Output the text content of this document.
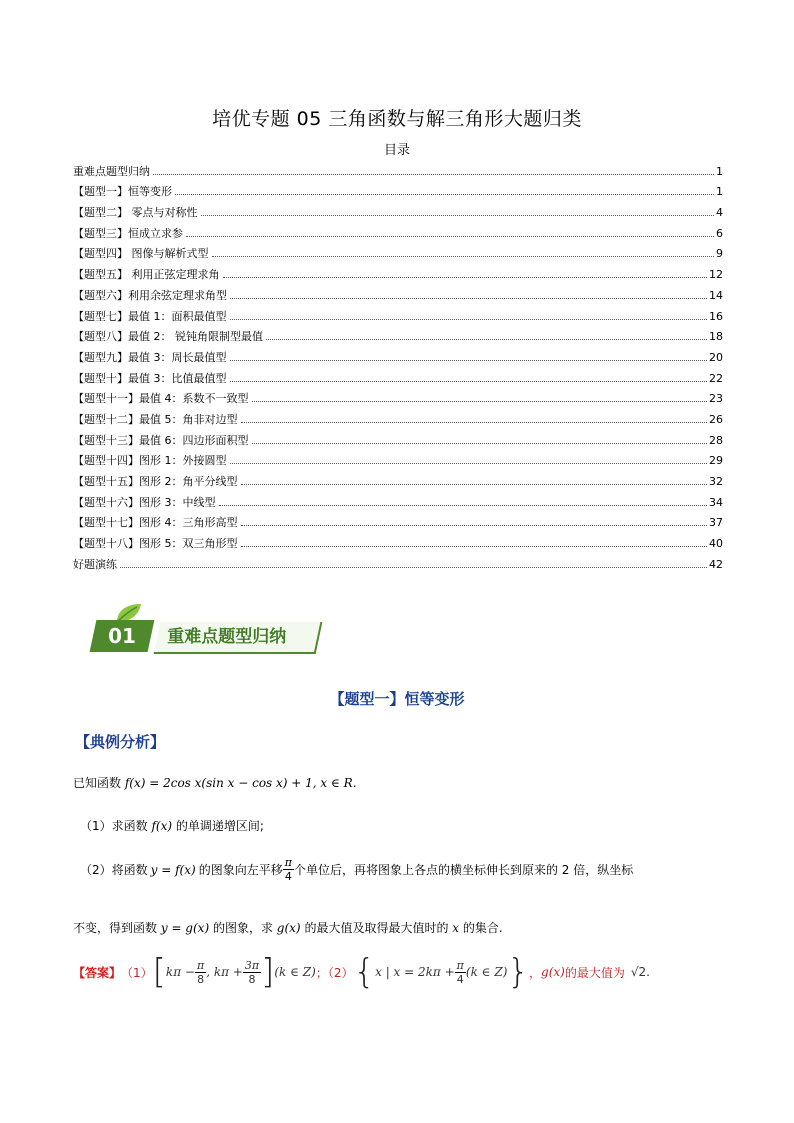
培优专题 05 三角函数与解三角形大题归类
目录
重难点题型归纳	1
【题型一】恒等变形	1
【题型二】 零点与对称性	4
【题型三】恒成立求参	6
【题型四】 图像与解析式型	9
【题型五】 利用正弦定理求角	12
【题型六】利用余弦定理求角型	14
【题型七】最值 1：面积最值型	16
【题型八】最值 2： 锐钝角限制型最值	18
【题型九】最值 3：周长最值型	20
【题型十】最值 3：比值最值型	22
【题型十一】最值 4：系数不一致型	23
【题型十二】最值 5：角非对边型	26
【题型十三】最值 6：四边形面积型	28
【题型十四】图形 1：外接圆型	29
【题型十五】图形 2：角平分线型	32
【题型十六】图形 3：中线型	34
【题型十七】图形 4：三角形高型	37
【题型十八】图形 5：双三角形型	40
好题演练	42
01	重难点题型归纳
【题型一】恒等变形
【典例分析】
已知函数 f(x) = 2cos x(sin x − cos x) + 1, x ∈ R.
（1）求函数 f(x) 的单调递增区间;
（2）将函数 y = f(x) 的图象向左平移 $\frac{\pi}{4}$ 个单位后，再将图象上各点的横坐标伸长到原来的 2 倍，纵坐标
不变，得到函数 y = g(x) 的图象，求 g(x) 的最大值及取得最大值时的 x 的集合.
【答案】 （1） [ $k\pi - \frac{\pi}{8}$ , $k\pi + \frac{3\pi}{8}$ ] (k ∈ Z) ；（2） { x | $x = 2k\pi + \frac{\pi}{4} (k$ ∈ Z) } ， g(x) 的最大值为 √2 .
